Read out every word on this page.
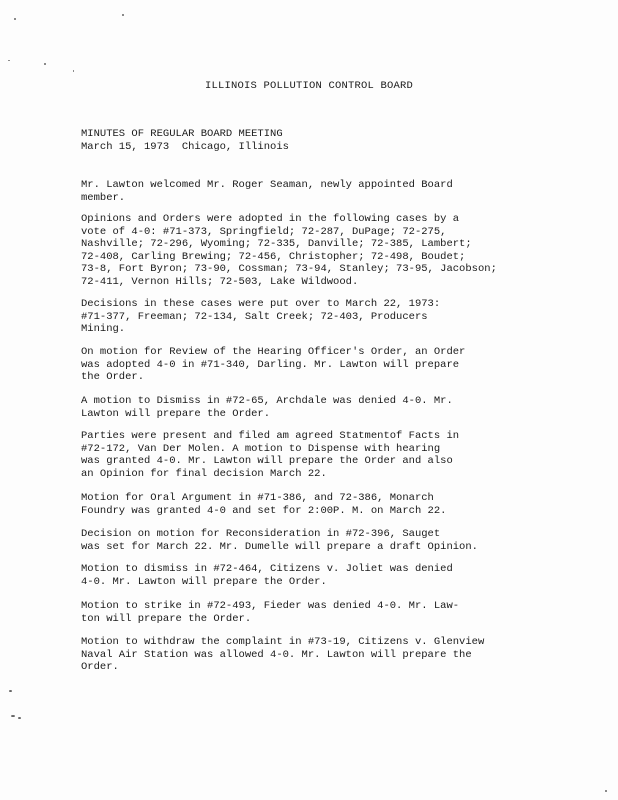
ILLINOIS POLLUTION CONTROL BOARD
MINUTES OF REGULAR BOARD MEETING
March 15, 1973  Chicago, Illinois
Mr. Lawton welcomed Mr. Roger Seaman, newly appointed Board
member.
Opinions and Orders were adopted in the following cases by a
vote of 4-0: #71-373, Springfield; 72-287, DuPage; 72-275,
Nashville; 72-296, Wyoming; 72-335, Danville; 72-385, Lambert;
72-408, Carling Brewing; 72-456, Christopher; 72-498, Boudet;
73-8, Fort Byron; 73-90, Cossman; 73-94, Stanley; 73-95, Jacobson;
72-411, Vernon Hills; 72-503, Lake Wildwood.
Decisions in these cases were put over to March 22, 1973:
#71-377, Freeman; 72-134, Salt Creek; 72-403, Producers
Mining.
On motion for Review of the Hearing Officer's Order, an Order
was adopted 4-0 in #71-340, Darling. Mr. Lawton will prepare
the Order.
A motion to Dismiss in #72-65, Archdale was denied 4-0. Mr.
Lawton will prepare the Order.
Parties were present and filed am agreed Statmentof Facts in
#72-172, Van Der Molen. A motion to Dispense with hearing
was granted 4-0. Mr. Lawton will prepare the Order and also
an Opinion for final decision March 22.
Motion for Oral Argument in #71-386, and 72-386, Monarch
Foundry was granted 4-0 and set for 2:00P. M. on March 22.
Decision on motion for Reconsideration in #72-396, Sauget
was set for March 22. Mr. Dumelle will prepare a draft Opinion.
Motion to dismiss in #72-464, Citizens v. Joliet was denied
4-0. Mr. Lawton will prepare the Order.
Motion to strike in #72-493, Fieder was denied 4-0. Mr. Law-
ton will prepare the Order.
Motion to withdraw the complaint in #73-19, Citizens v. Glenview
Naval Air Station was allowed 4-0. Mr. Lawton will prepare the
Order.
